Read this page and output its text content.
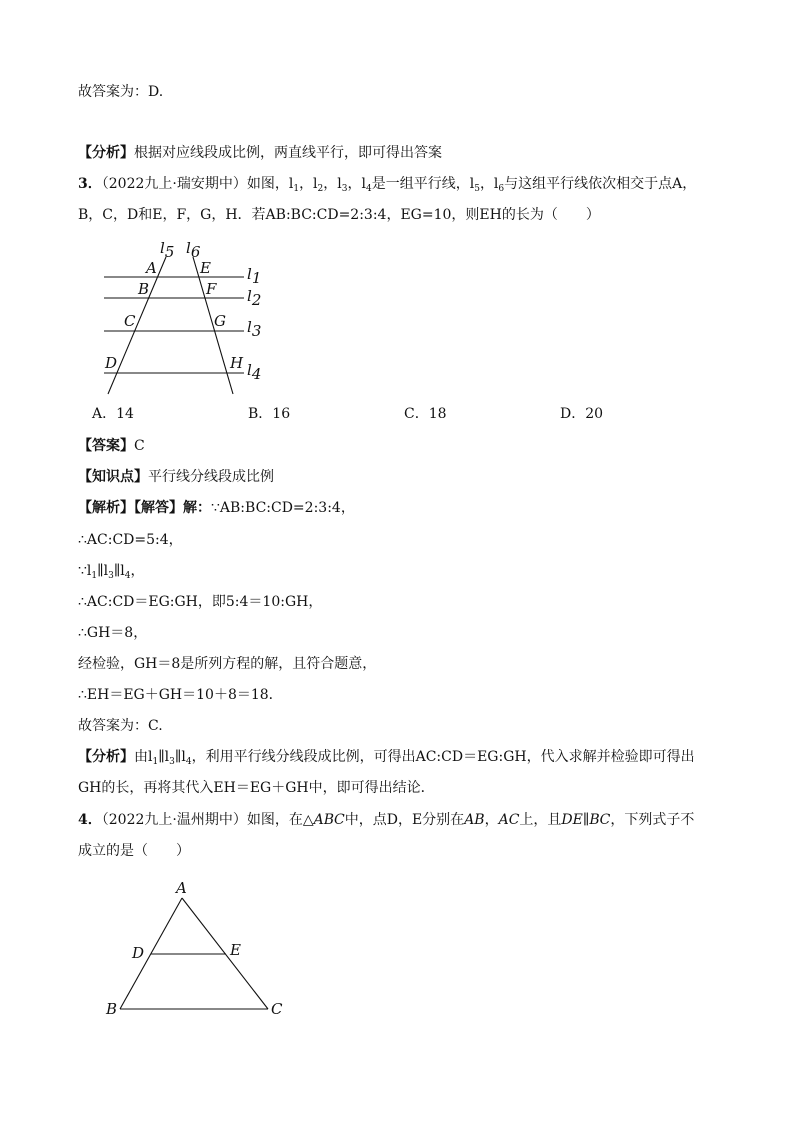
故答案为：D.
【分析】根据对应线段成比例，两直线平行，即可得出答案
3．（2022九上·瑞安期中）如图，$l_1$，$l_2$，$l_3$，$l_4$是一组平行线，$l_5$，$l_6$与这组平行线依次相交于点A，
B，C，D和E，F，G，H．若AB:BC:CD=2:3:4，EG=10，则EH的长为（　　）
l5 l6
A	E
B	F
C	G
D	H
l1
l2
l3
l4
A．14	B．16	C．18	D．20
【答案】C
【知识点】平行线分线段成比例
【解析】【解答】解：∵AB:BC:CD=2:3:4，
∴AC:CD=5:4，
$\because l_1\parallel l_3\parallel l_4$，
∴AC:CD＝EG:GH，即5:4＝10:GH，
∴GH＝8，
经检验，GH＝8是所列方程的解，且符合题意，
∴EH＝EG＋GH＝10＋8＝18．
故答案为：C.
【分析】由$l_1\parallel l_3\parallel l_4$，利用平行线分线段成比例，可得出AC:CD＝EG:GH，代入求解并检验即可得出
GH的长，再将其代入EH＝EG＋GH中，即可得出结论．
4．（2022九上·温州期中）如图，在△𝐴𝐵𝐶中，点D，E分别在𝐴𝐵，𝐴𝐶上，且𝐷𝐸∥𝐵𝐶，下列式子不
成立的是（　　）
A
D	E
B	C
